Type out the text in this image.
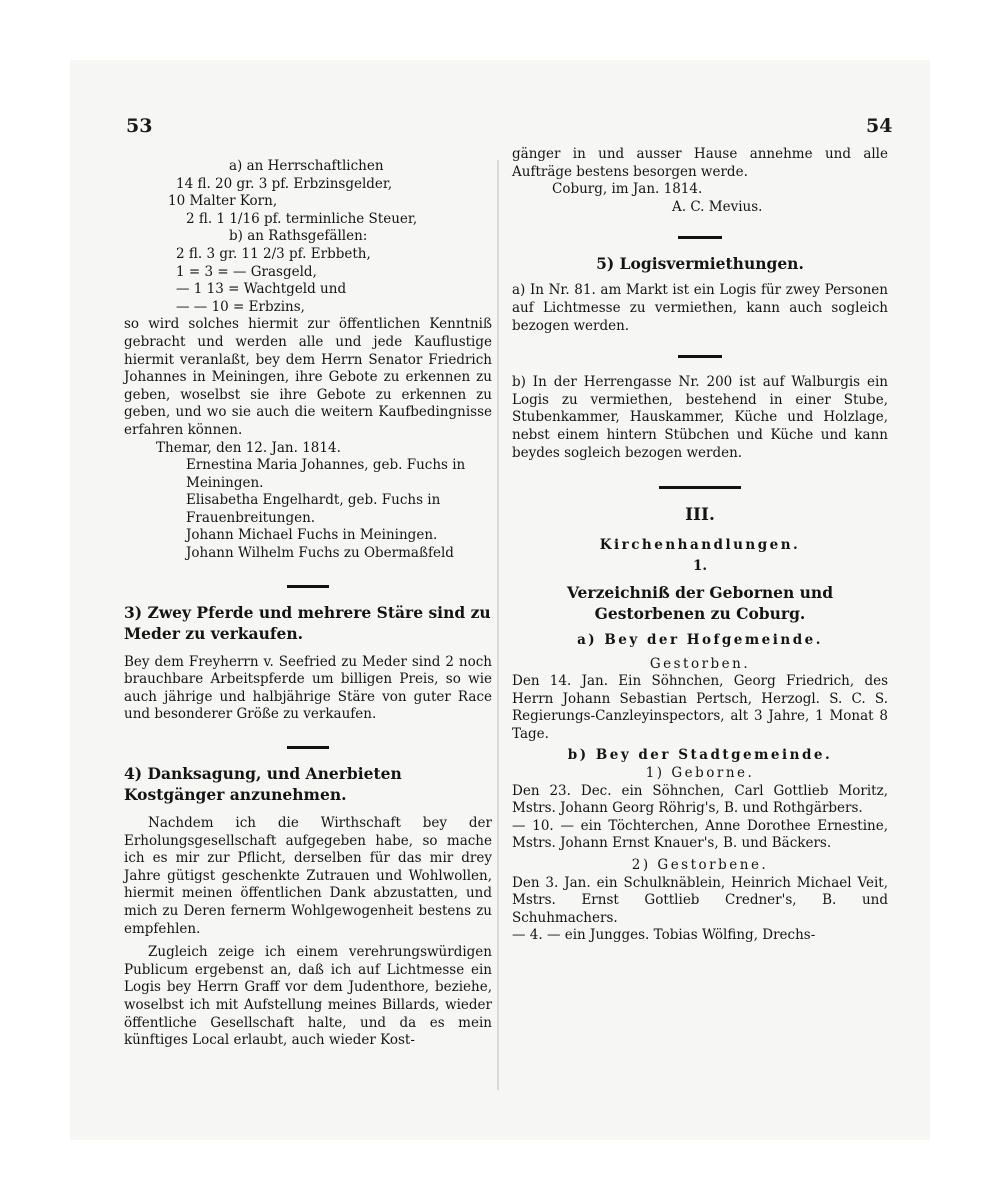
53	54
a) an Herrschaftlichen
14 fl. 20 gr. 3 pf. Erbzinsgelder,
10 Malter Korn,
2 fl. 1 1/16 pf. terminliche Steuer,
b) an Rathsgefällen:
2 fl. 3 gr. 11 2/3 pf. Erbbeth,
1 = 3 = — Grasgeld,
— 1 13 = Wachtgeld und
— — 10 = Erbzins,

so wird solches hiermit zur öffentlichen Kenntniß gebracht und werden alle und jede Kauflustige hiermit veranlaßt, bey dem Herrn Senator Friedrich Johannes in Meiningen, ihre Gebote zu erkennen zu geben, woselbst sie ihre Gebote zu erkennen zu geben, und wo sie auch die weitern Kaufbedingnisse erfahren können.

Themar, den 12. Jan. 1814.
Ernestina Maria Johannes, geb. Fuchs in Meiningen.
Elisabetha Engelhardt, geb. Fuchs in Frauenbreitungen.
Johann Michael Fuchs in Meiningen.
Johann Wilhelm Fuchs zu Obermaßfeld

3) Zwey Pferde und mehrere Stäre sind zu Meder zu verkaufen.

Bey dem Freyherrn v. Seefried zu Meder sind 2 noch brauchbare Arbeitspferde um billigen Preis, so wie auch jährige und halbjährige Stäre von guter Race und besonderer Größe zu verkaufen.

4) Danksagung, und Anerbieten Kostgänger anzunehmen.

Nachdem ich die Wirthschaft bey der Erholungsgesellschaft aufgegeben habe, so mache ich es mir zur Pflicht, derselben für das mir drey Jahre gütigst geschenkte Zutrauen und Wohlwollen, hiermit meinen öffentlichen Dank abzustatten, und mich zu Deren fernerm Wohlgewogenheit bestens zu empfehlen.

Zugleich zeige ich einem verehrungswürdigen Publicum ergebenst an, daß ich auf Lichtmesse ein Logis bey Herrn Graff vor dem Judenthore, beziehe, woselbst ich mit Aufstellung meines Billards, wieder öffentliche Gesellschaft halte, und da es mein künftiges Local erlaubt, auch wieder Kost-

gänger in und ausser Hause annehme und alle Aufträge bestens besorgen werde.

Coburg, im Jan. 1814.
A. C. Mevius.

5) Logisvermiethungen.

a) In Nr. 81. am Markt ist ein Logis für zwey Personen auf Lichtmesse zu vermiethen, kann auch sogleich bezogen werden.

b) In der Herrengasse Nr. 200 ist auf Walburgis ein Logis zu vermiethen, bestehend in einer Stube, Stubenkammer, Hauskammer, Küche und Holzlage, nebst einem hintern Stübchen und Küche und kann beydes sogleich bezogen werden.

III.

Kirchenhandlungen.

1.

Verzeichniß der Gebornen und Gestorbenen zu Coburg.

a) Bey der Hofgemeinde.

Gestorben.

Den 14. Jan. Ein Söhnchen, Georg Friedrich, des Herrn Johann Sebastian Pertsch, Herzogl. S. C. S. Regierungs-Canzleyinspectors, alt 3 Jahre, 1 Monat 8 Tage.

b) Bey der Stadtgemeinde.

1) Geborne.

Den 23. Dec. ein Söhnchen, Carl Gottlieb Moritz, Mstrs. Johann Georg Röhrig's, B. und Rothgärbers.

— 10. — ein Töchterchen, Anne Dorothee Ernestine, Mstrs. Johann Ernst Knauer's, B. und Bäckers.

2) Gestorbene.

Den 3. Jan. ein Schulknäblein, Heinrich Michael Veit, Mstrs. Ernst Gottlieb Credner's, B. und Schuhmachers.

— 4. — ein Jungges. Tobias Wölfing, Drechs-
